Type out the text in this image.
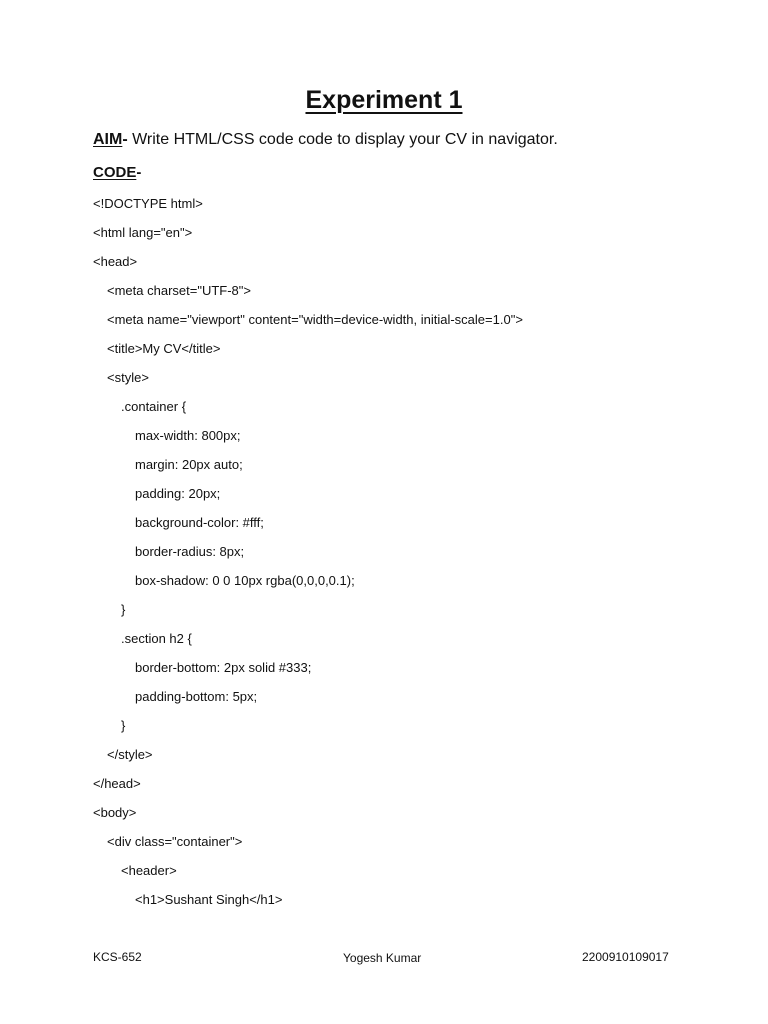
Experiment 1
AIM- Write HTML/CSS code code to display your CV in navigator.
CODE-
<!DOCTYPE html>
<html lang="en">
<head>
<meta charset="UTF-8">
<meta name="viewport" content="width=device-width, initial-scale=1.0">
<title>My CV</title>
<style>
.container {
max-width: 800px;
margin: 20px auto;
padding: 20px;
background-color: #fff;
border-radius: 8px;
box-shadow: 0 0 10px rgba(0,0,0,0.1);
}
.section h2 {
border-bottom: 2px solid #333;
padding-bottom: 5px;
}
</style>
</head>
<body>
<div class="container">
<header>
<h1>Sushant Singh</h1>
KCS-652	Yogesh Kumar	2200910109017
